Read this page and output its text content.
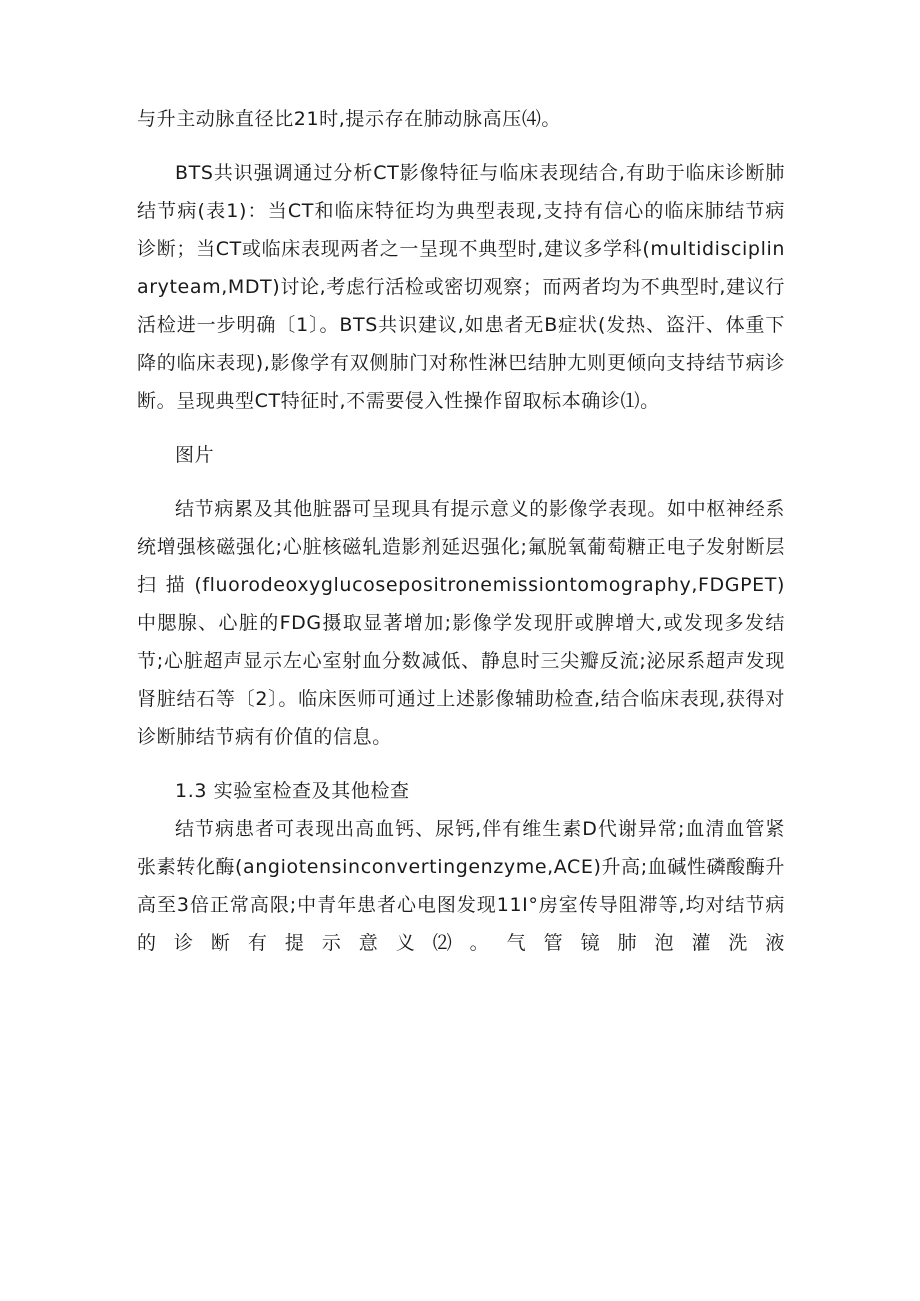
与升主动脉直径比21时,提示存在肺动脉高压⑷。

BTS共识强调通过分析CT影像特征与临床表现结合,有助于临床诊断肺结节病(表1)：当CT和临床特征均为典型表现,支持有信心的临床肺结节病诊断；当CT或临床表现两者之一呈现不典型时,建议多学科(multidisciplinaryteam,MDT)讨论,考虑行活检或密切观察；而两者均为不典型时,建议行活检进一步明确〔1〕。BTS共识建议,如患者无B症状(发热、盗汗、体重下降的临床表现),影像学有双侧肺门对称性淋巴结肿尢则更倾向支持结节病诊断。呈现典型CT特征时,不需要侵入性操作留取标本确诊⑴。

图片

结节病累及其他脏器可呈现具有提示意义的影像学表现。如中枢神经系统增强核磁强化;心脏核磁轧造影剂延迟强化;氟脱氧葡萄糖正电子发射断层扫描(fluorodeoxyglucosepositronemissiontomography,FDGPET)中腮腺、心脏的FDG摄取显著增加;影像学发现肝或脾增大,或发现多发结节;心脏超声显示左心室射血分数减低、静息时三尖瓣反流;泌尿系超声发现肾脏结石等〔2〕。临床医师可通过上述影像辅助检查,结合临床表现,获得对诊断肺结节病有价值的信息。

1.3 实验室检查及其他检查

结节病患者可表现出高血钙、尿钙,伴有维生素D代谢异常;血清血管紧张素转化酶(angiotensinconvertingenzyme,ACE)升高;血碱性磷酸酶升高至3倍正常高限;中青年患者心电图发现11I°房室传导阻滞等,均对结节病的诊断有提示意义⑵。气管镜肺泡灌洗液
